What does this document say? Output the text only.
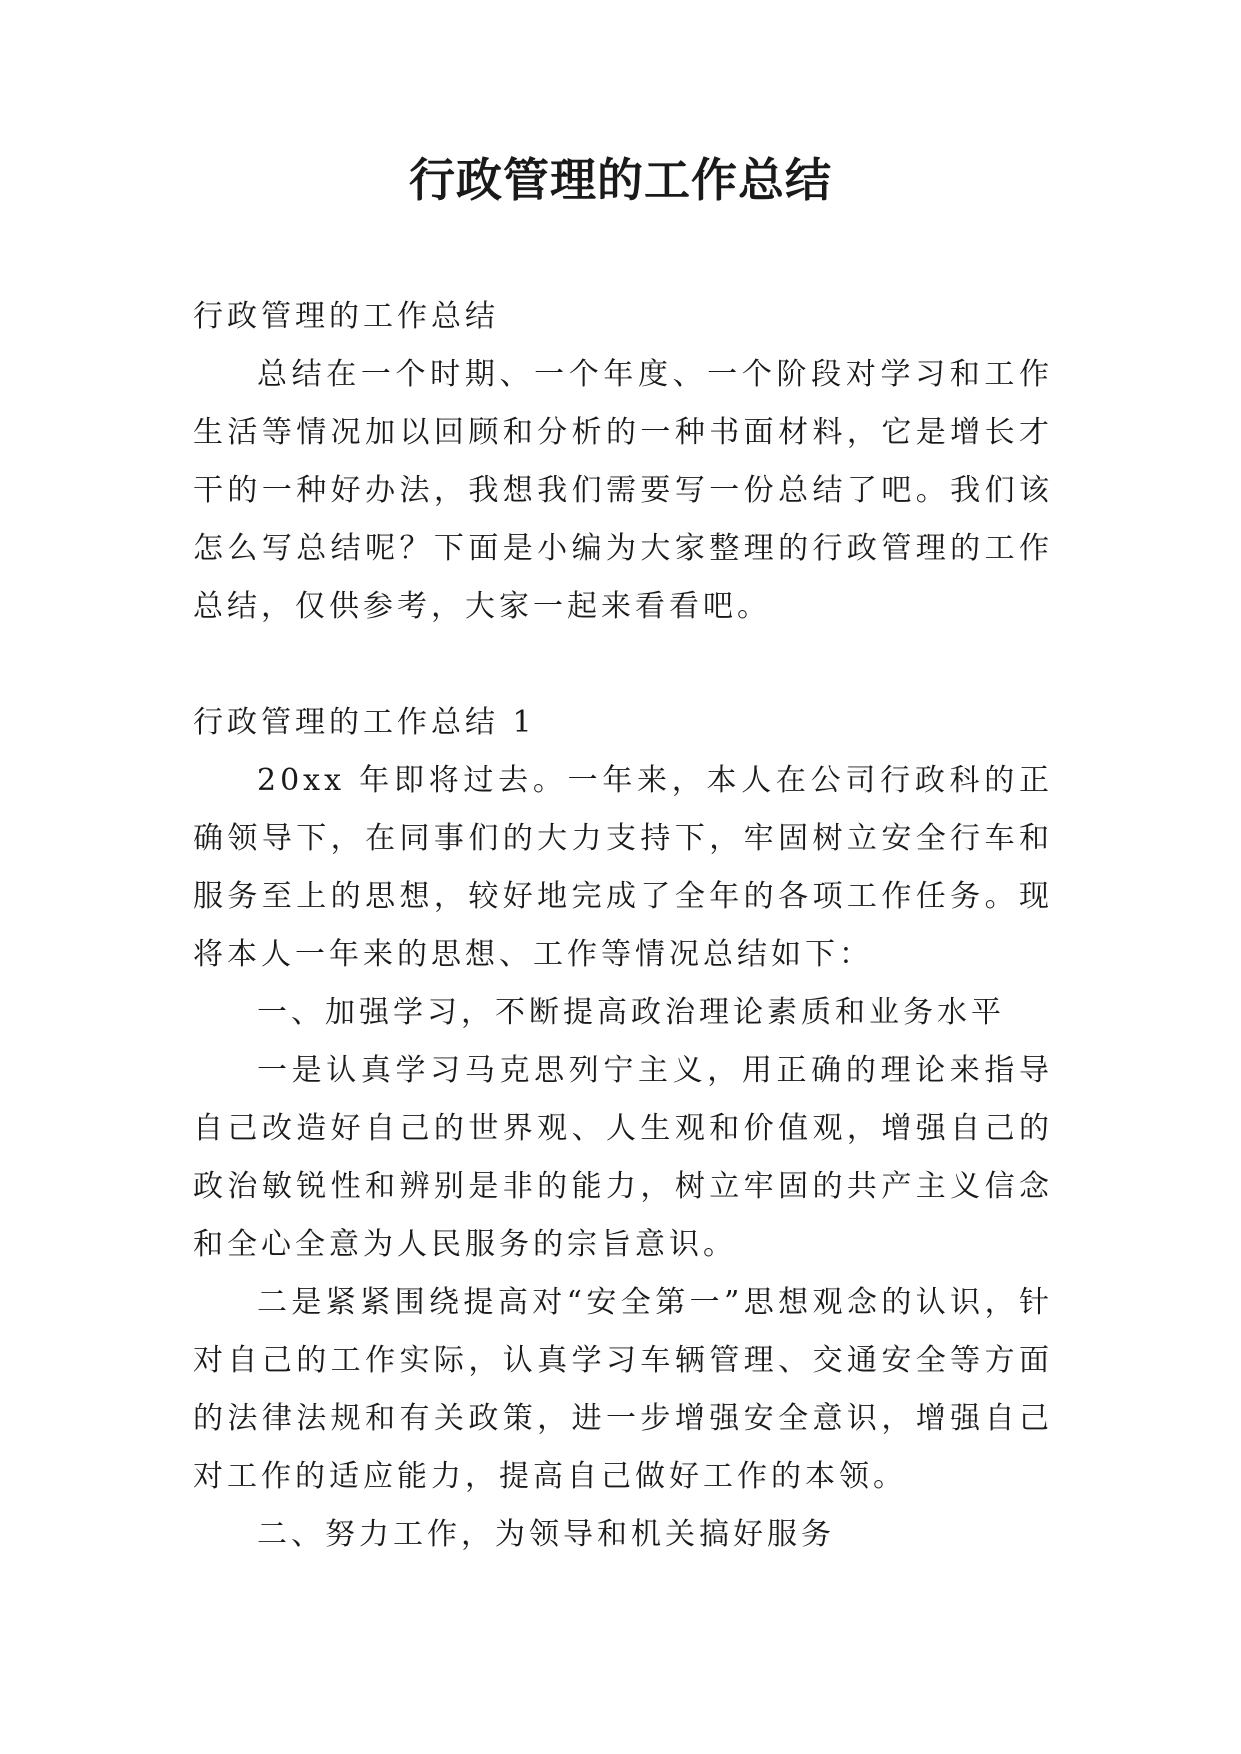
行政管理的工作总结

行政管理的工作总结

总结在一个时期、一个年度、一个阶段对学习和工作生活等情况加以回顾和分析的一种书面材料，它是增长才干的一种好办法，我想我们需要写一份总结了吧。我们该怎么写总结呢？下面是小编为大家整理的行政管理的工作总结，仅供参考，大家一起来看看吧。

行政管理的工作总结 1

20xx 年即将过去。一年来，本人在公司行政科的正确领导下，在同事们的大力支持下，牢固树立安全行车和服务至上的思想，较好地完成了全年的各项工作任务。现将本人一年来的思想、工作等情况总结如下：

一、加强学习，不断提高政治理论素质和业务水平

一是认真学习马克思列宁主义，用正确的理论来指导自己改造好自己的世界观、人生观和价值观，增强自己的政治敏锐性和辨别是非的能力，树立牢固的共产主义信念和全心全意为人民服务的宗旨意识。

二是紧紧围绕提高对“安全第一”思想观念的认识，针对自己的工作实际，认真学习车辆管理、交通安全等方面的法律法规和有关政策，进一步增强安全意识，增强自己对工作的适应能力，提高自己做好工作的本领。

二、努力工作，为领导和机关搞好服务
